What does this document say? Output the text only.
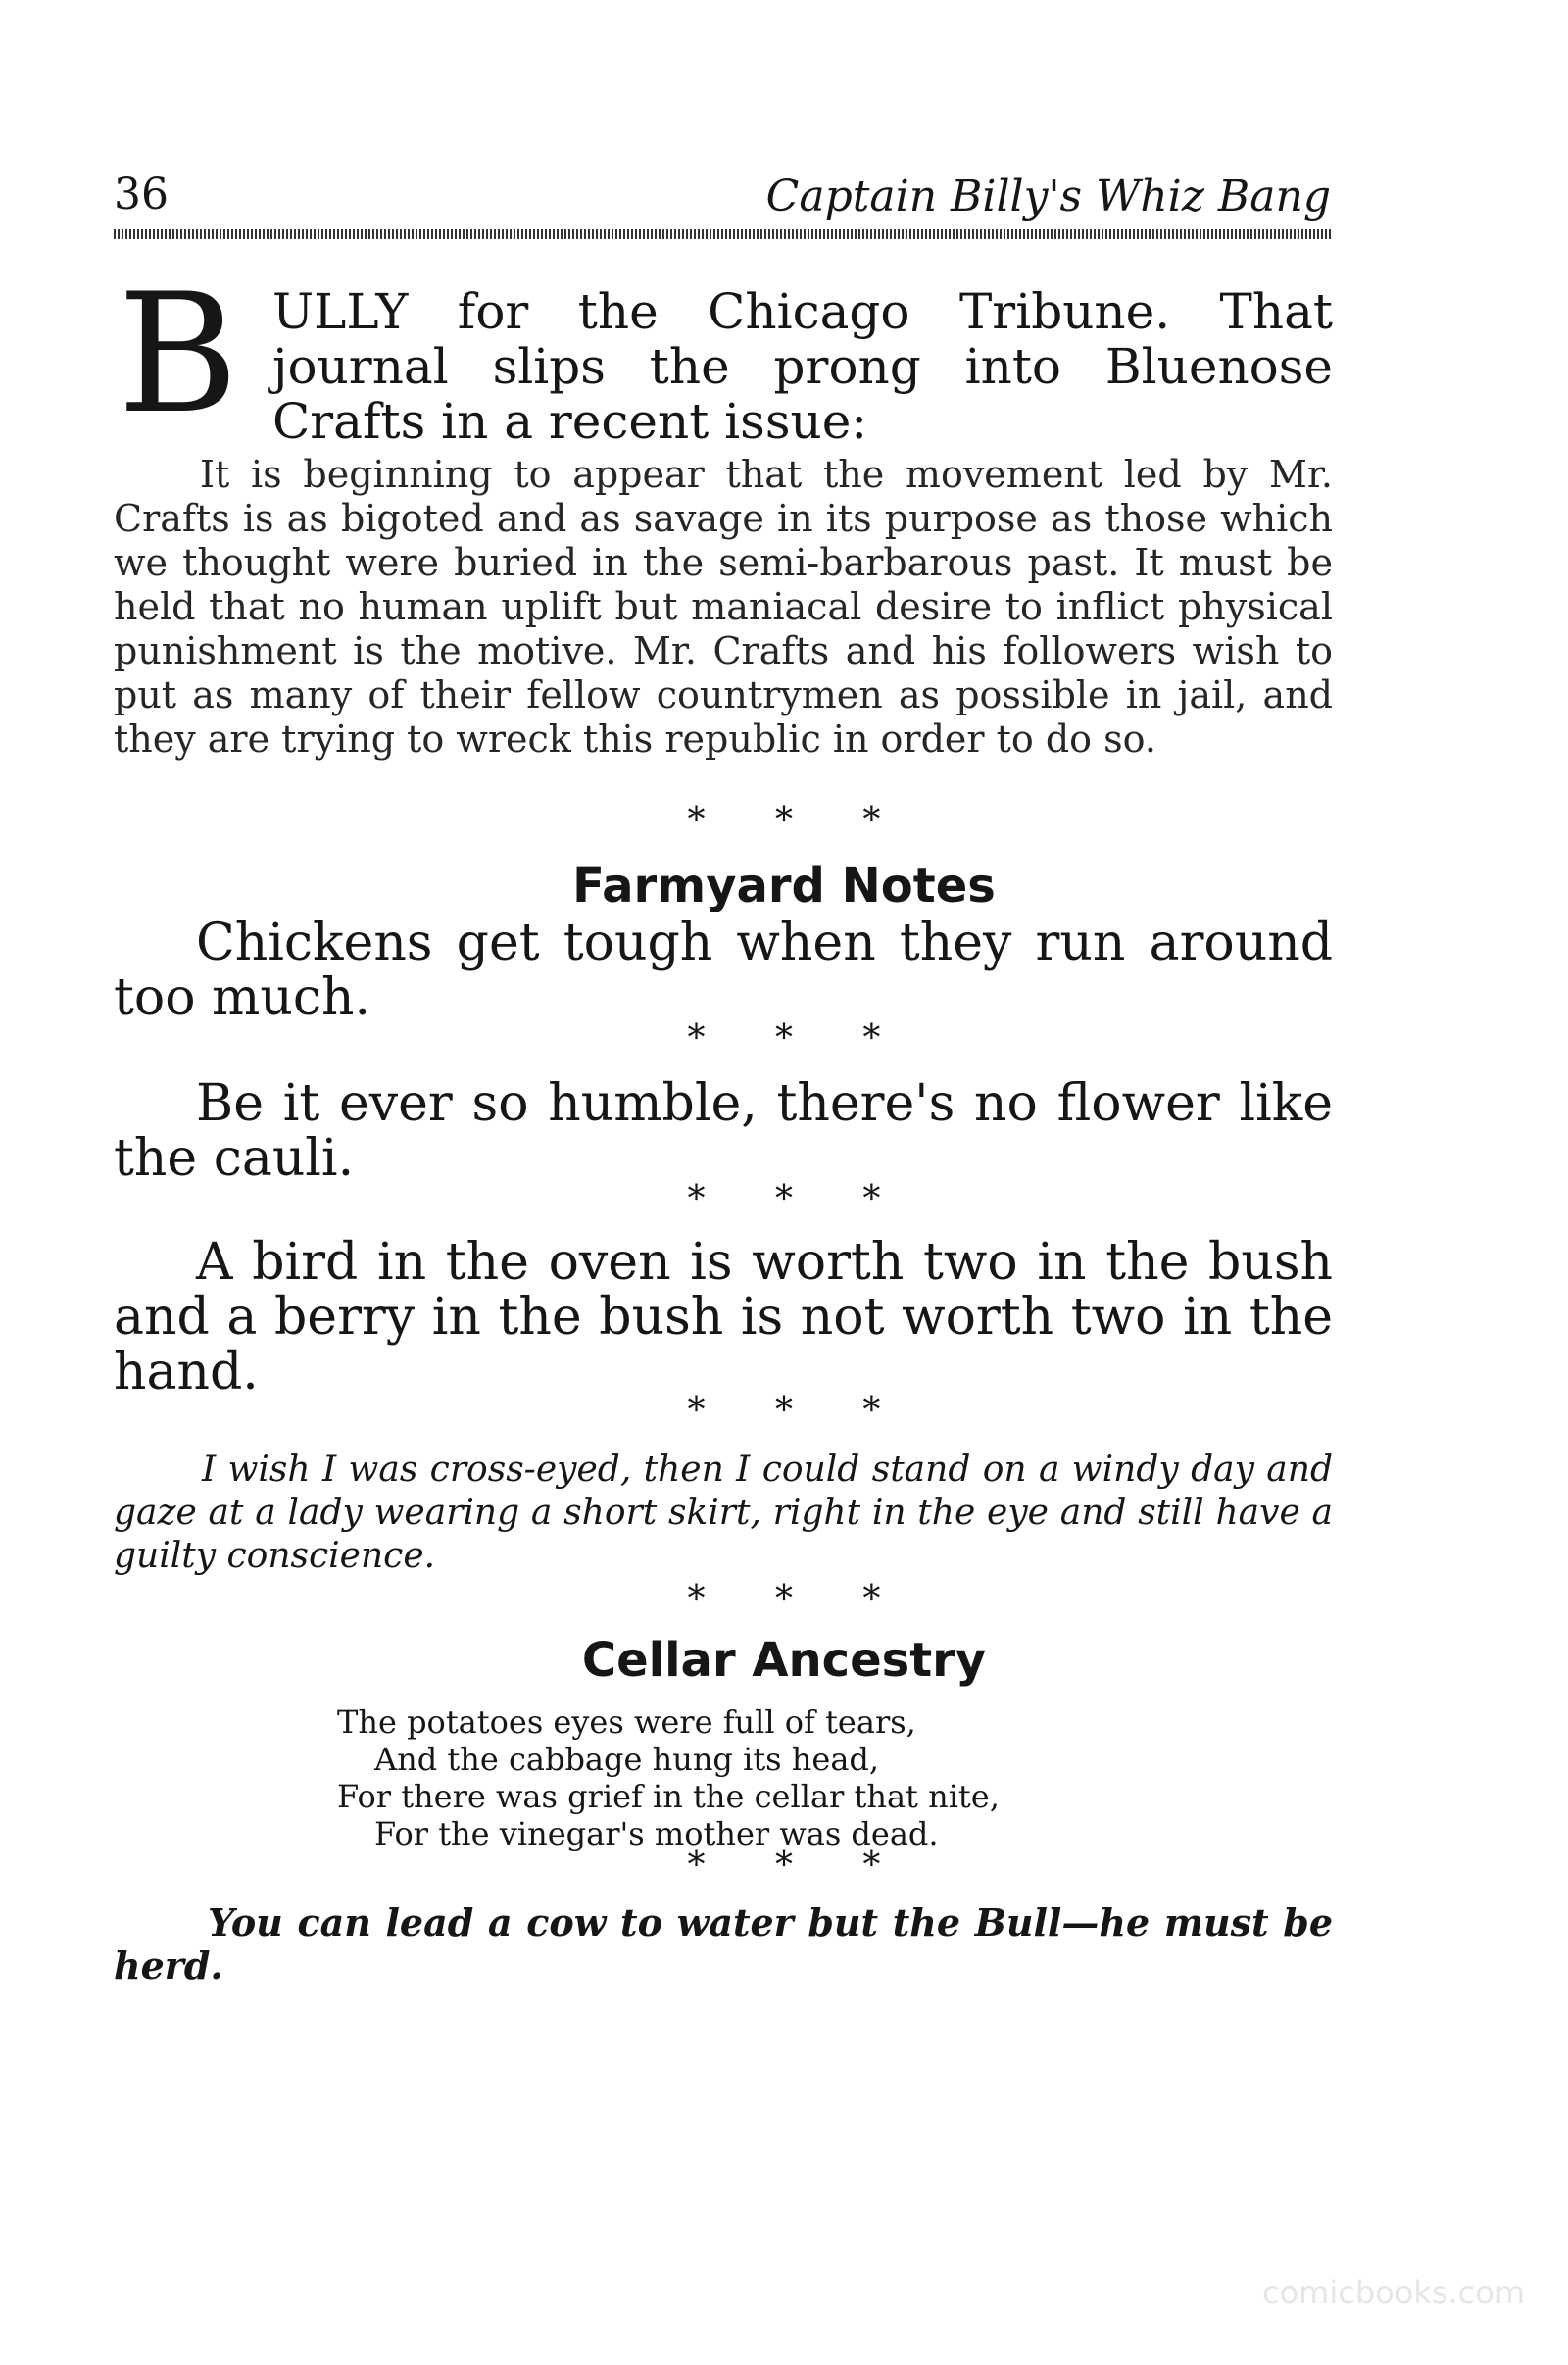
36	Captain Billy's Whiz Bang
B ULLY for the Chicago Tribune. That
journal slips the prong into Bluenose
Crafts in a recent issue:

It is beginning to appear that the movement led by Mr. Crafts is as bigoted and as savage in its purpose as those which we thought were buried in the semi-barbarous past. It must be held that no human uplift but maniacal desire to inflict physical punishment is the motive. Mr. Crafts and his followers wish to put as many of their fellow countrymen as possible in jail, and they are trying to wreck this republic in order to do so.

* * *
Farmyard Notes

Chickens get tough when they run around too much.

* * *

Be it ever so humble, there's no flower like the cauli.

* * *

A bird in the oven is worth two in the bush and a berry in the bush is not worth two in the hand.

* * *

I wish I was cross-eyed, then I could stand on a windy day and gaze at a lady wearing a short skirt, right in the eye and still have a guilty conscience.

* * *
Cellar Ancestry
The potatoes eyes were full of tears,
And the cabbage hung its head,
For there was grief in the cellar that nite,
For the vinegar's mother was dead.
* * *

You can lead a cow to water but the Bull—he must be herd.

comicbooks.com
